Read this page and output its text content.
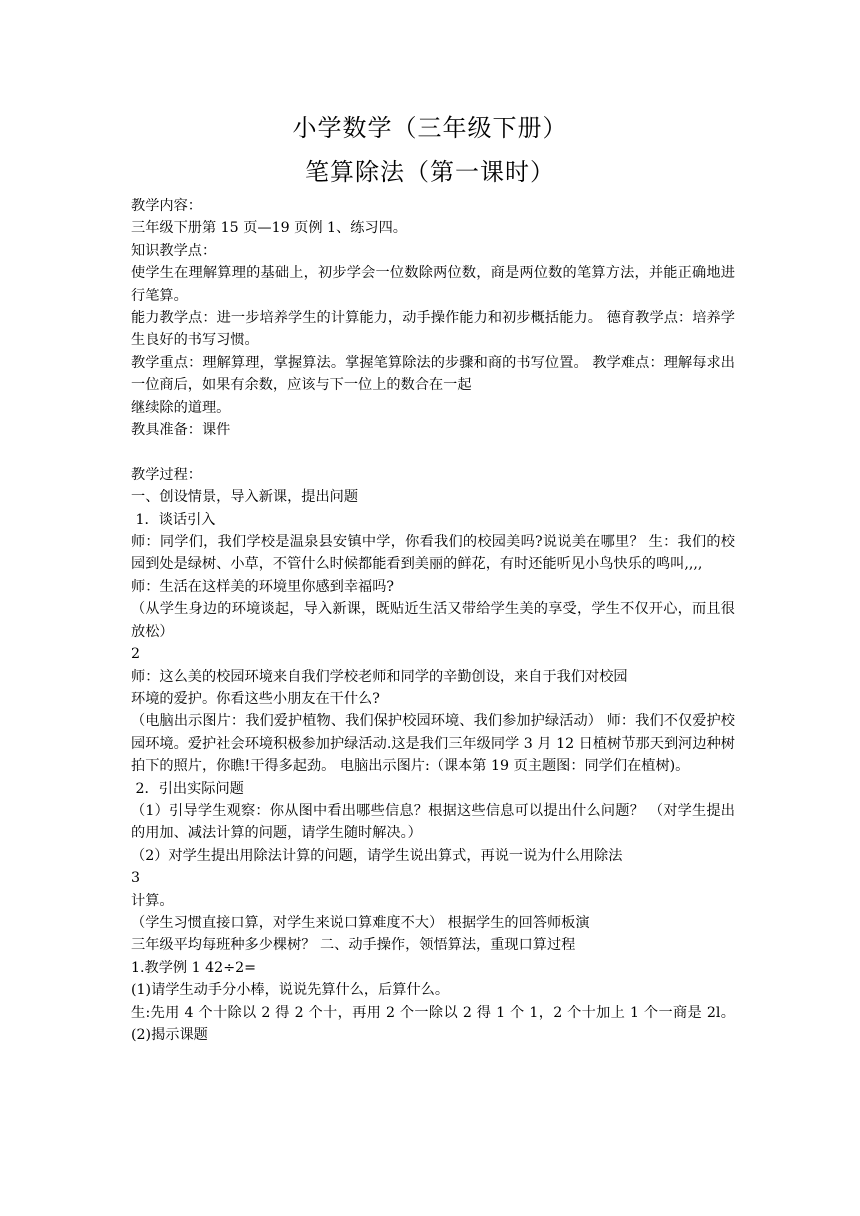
小学数学（三年级下册）
笔算除法（第一课时）

教学内容：

三年级下册第 15 页—19 页例 1、练习四。

知识教学点：

使学生在理解算理的基础上，初步学会一位数除两位数，商是两位数的笔算方法，并能正确地进行笔算。

能力教学点：进一步培养学生的计算能力，动手操作能力和初步概括能力。 德育教学点：培养学生良好的书写习惯。

教学重点：理解算理，掌握算法。掌握笔算除法的步骤和商的书写位置。 教学难点：理解每求出一位商后，如果有余数，应该与下一位上的数合在一起

继续除的道理。

教具准备：课件

教学过程：

一、创设情景，导入新课，提出问题

1．谈话引入

师：同学们，我们学校是温泉县安镇中学，你看我们的校园美吗?说说美在哪里？ 生：我们的校园到处是绿树、小草，不管什么时候都能看到美丽的鲜花，有时还能听见小鸟快乐的鸣叫,,,,

师：生活在这样美的环境里你感到幸福吗?

（从学生身边的环境谈起，导入新课，既贴近生活又带给学生美的享受，学生不仅开心，而且很放松）

2

师：这么美的校园环境来自我们学校老师和同学的辛勤创设，来自于我们对校园

环境的爱护。你看这些小朋友在干什么?

（电脑出示图片：我们爱护植物、我们保护校园环境、我们参加护绿活动） 师：我们不仅爱护校园环境。爱护社会环境积极参加护绿活动.这是我们三年级同学 3 月 12 日植树节那天到河边种树拍下的照片，你瞧!干得多起劲。 电脑出示图片:（课本第 19 页主题图：同学们在植树)。

2．引出实际问题

（1）引导学生观察：你从图中看出哪些信息？根据这些信息可以提出什么问题？ （对学生提出的用加、减法计算的问题，请学生随时解决。）

（2）对学生提出用除法计算的问题，请学生说出算式，再说一说为什么用除法

3

计算。

（学生习惯直接口算，对学生来说口算难度不大） 根据学生的回答师板演

三年级平均每班种多少棵树？ 二、动手操作，领悟算法，重现口算过程

1.教学例 1 42÷2=

(1)请学生动手分小棒，说说先算什么，后算什么。

生:先用 4 个十除以 2 得 2 个十，再用 2 个一除以 2 得 1 个 1，2 个十加上 1 个一商是 2l。(2)揭示课题
